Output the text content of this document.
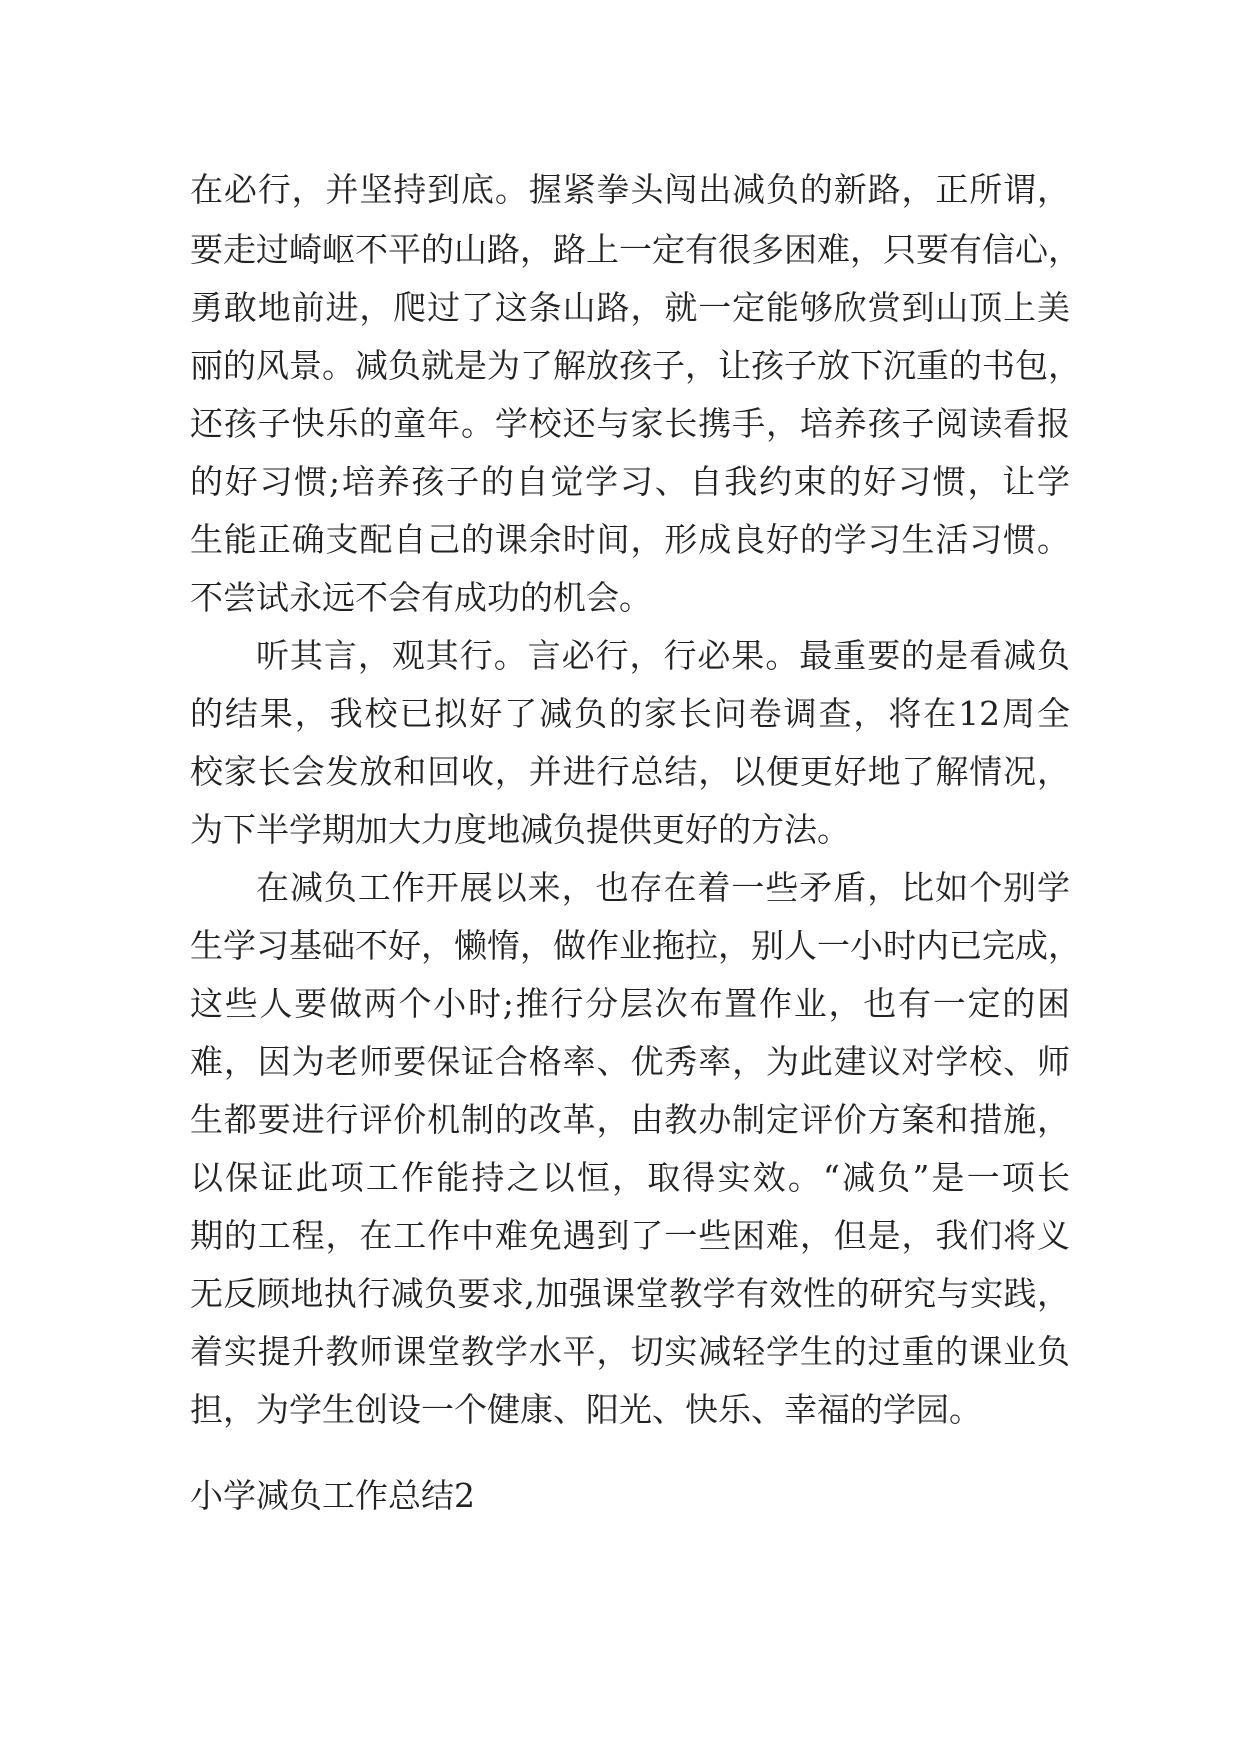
在必行，并坚持到底。握紧拳头闯出减负的新路，正所谓，
要走过崎岖不平的山路，路上一定有很多困难，只要有信心，
勇敢地前进，爬过了这条山路，就一定能够欣赏到山顶上美
丽的风景。减负就是为了解放孩子，让孩子放下沉重的书包，
还孩子快乐的童年。学校还与家长携手，培养孩子阅读看报
的好习惯;培养孩子的自觉学习、自我约束的好习惯，让学
生能正确支配自己的课余时间，形成良好的学习生活习惯。
不尝试永远不会有成功的机会。
听其言，观其行。言必行，行必果。最重要的是看减负
的结果，我校已拟好了减负的家长问卷调查，将在12周全
校家长会发放和回收，并进行总结，以便更好地了解情况，
为下半学期加大力度地减负提供更好的方法。
在减负工作开展以来，也存在着一些矛盾，比如个别学
生学习基础不好，懒惰，做作业拖拉，别人一小时内已完成，
这些人要做两个小时;推行分层次布置作业，也有一定的困
难，因为老师要保证合格率、优秀率，为此建议对学校、师
生都要进行评价机制的改革，由教办制定评价方案和措施，
以保证此项工作能持之以恒，取得实效。“减负”是一项长
期的工程，在工作中难免遇到了一些困难，但是，我们将义
无反顾地执行减负要求,加强课堂教学有效性的研究与实践，
着实提升教师课堂教学水平，切实减轻学生的过重的课业负
担，为学生创设一个健康、阳光、快乐、幸福的学园。
小学减负工作总结2
